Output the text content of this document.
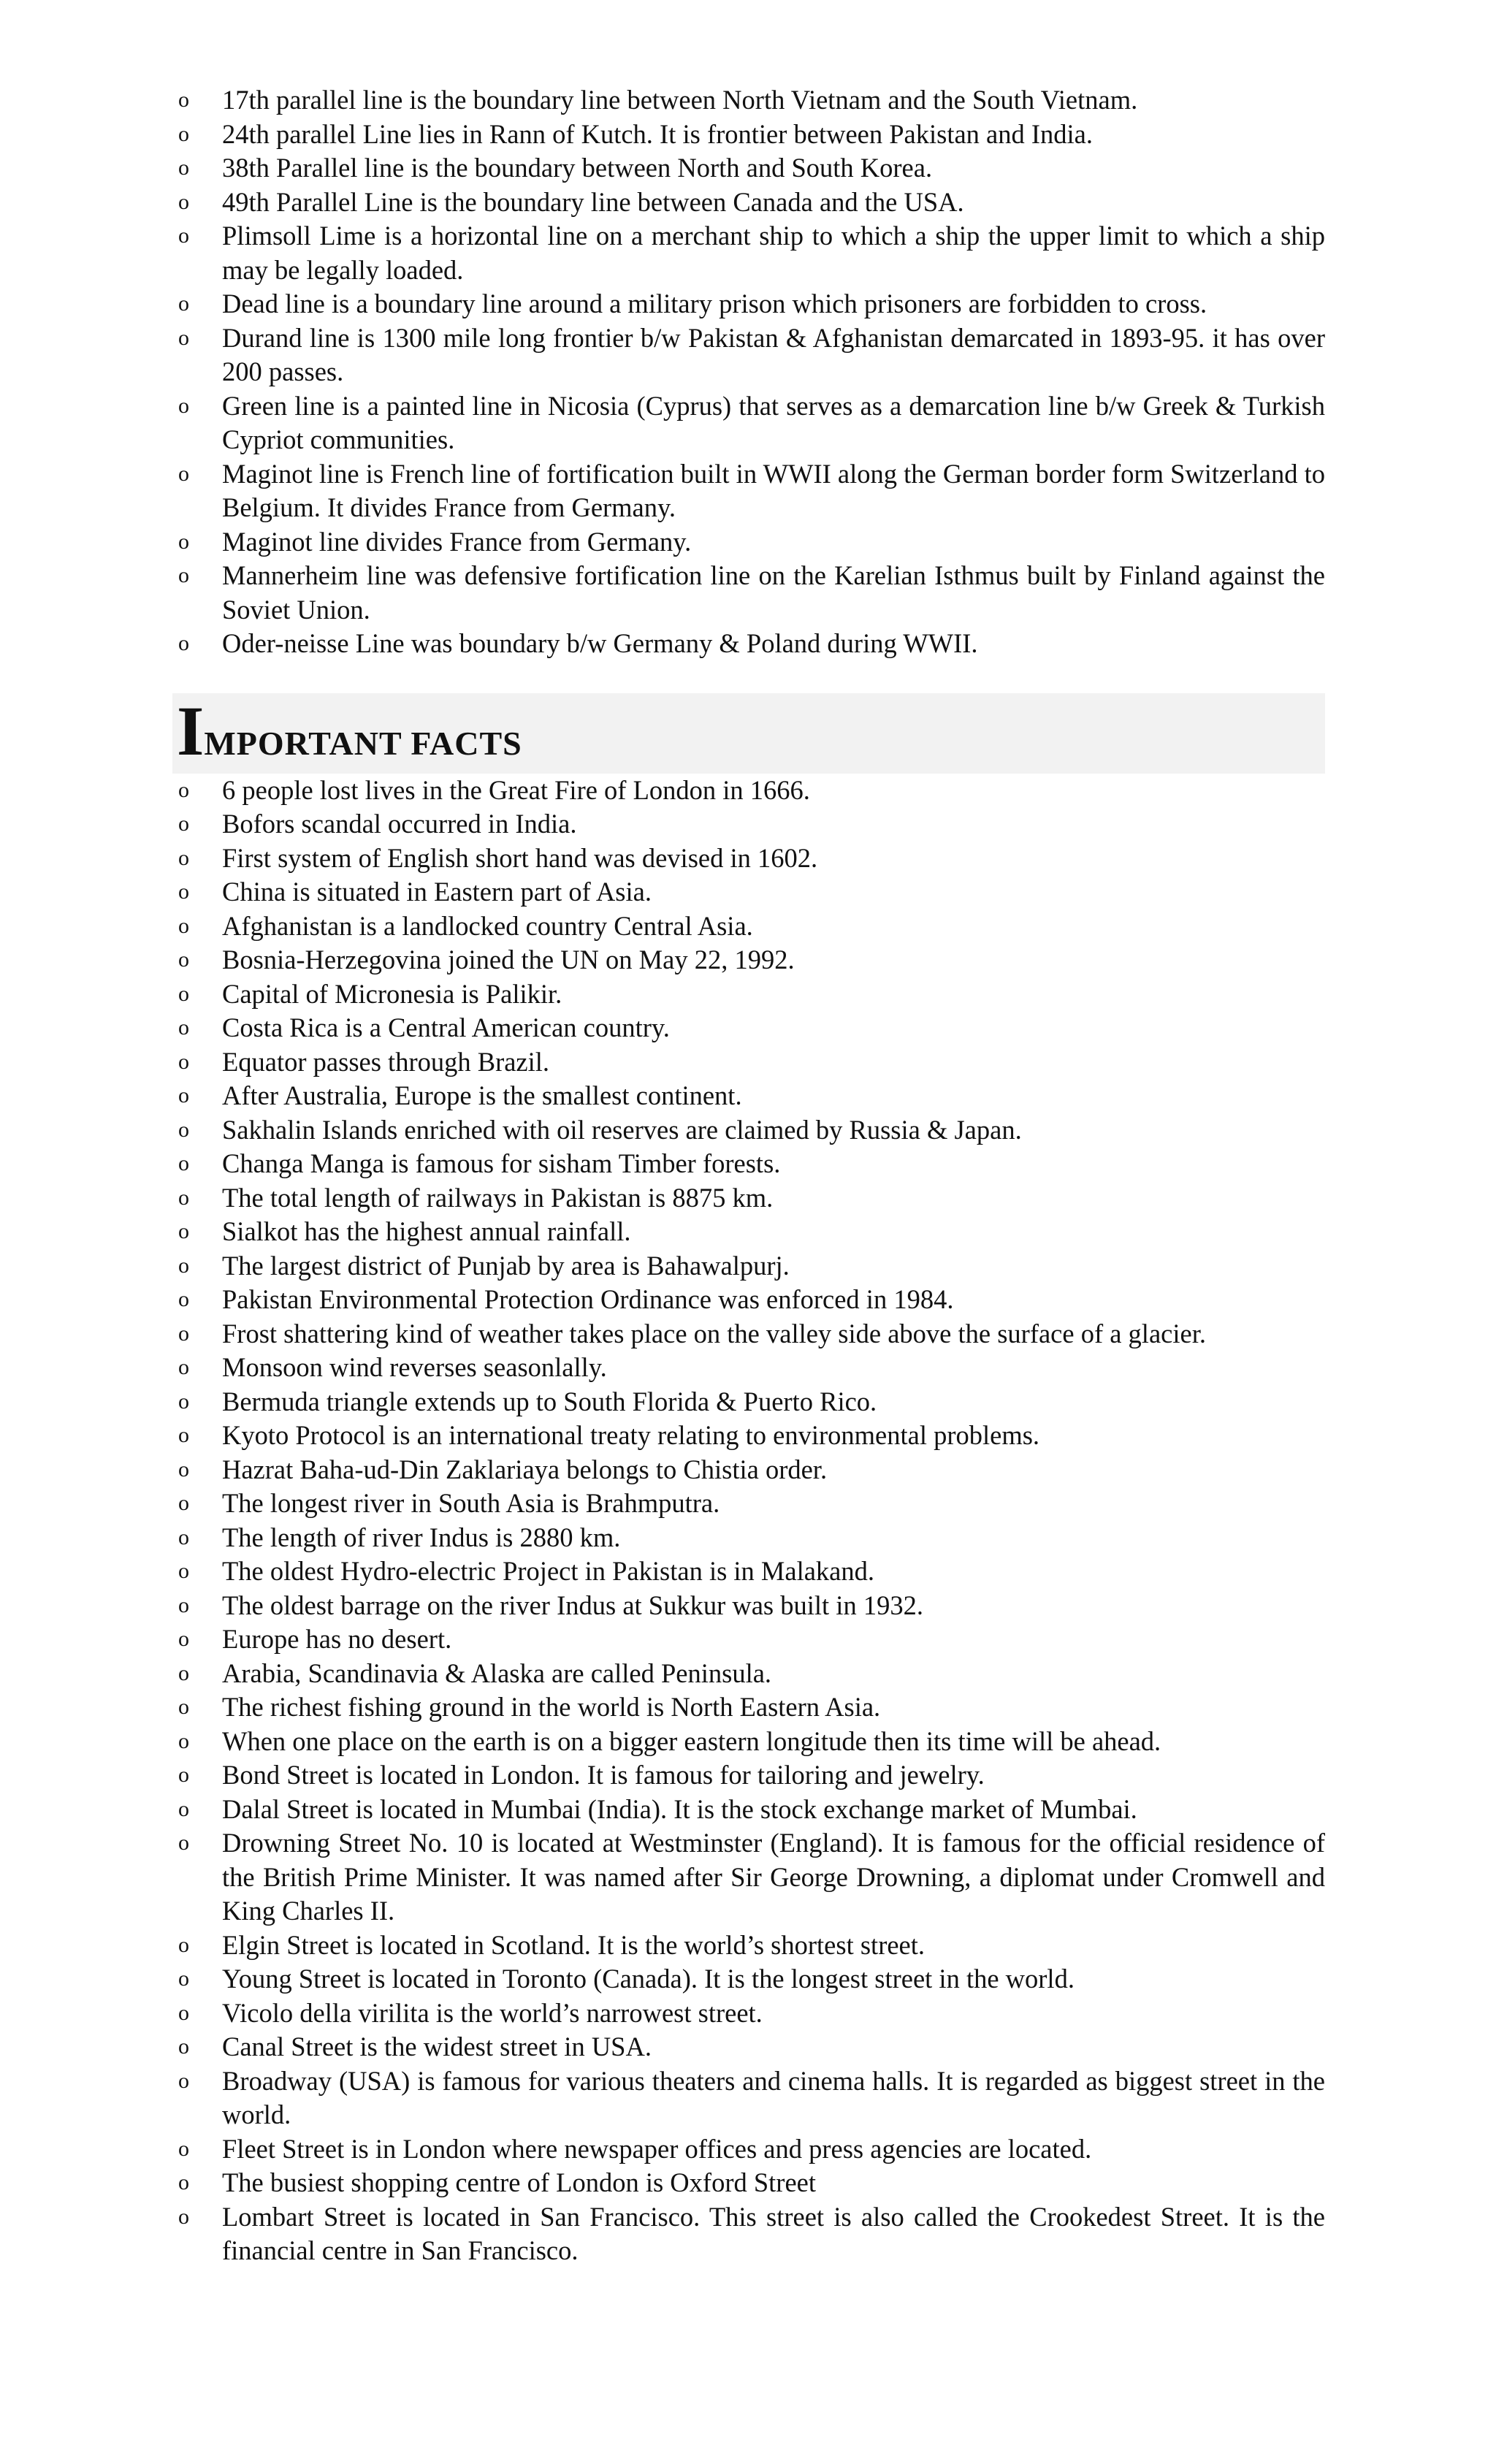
o 17th parallel line is the boundary line between North Vietnam and the South Vietnam.
o 24th parallel Line lies in Rann of Kutch. It is frontier between Pakistan and India.
o 38th Parallel line is the boundary between North and South Korea.
o 49th Parallel Line is the boundary line between Canada and the USA.
o Plimsoll Lime is a horizontal line on a merchant ship to which a ship the upper limit to which a ship may be legally loaded.
o Dead line is a boundary line around a military prison which prisoners are forbidden to cross.
o Durand line is 1300 mile long frontier b/w Pakistan & Afghanistan demarcated in 1893-95. it has over 200 passes.
o Green line is a painted line in Nicosia (Cyprus) that serves as a demarcation line b/w Greek & Turkish Cypriot communities.
o Maginot line is French line of fortification built in WWII along the German border form Switzerland to Belgium. It divides France from Germany.
o Maginot line divides France from Germany.
o Mannerheim line was defensive fortification line on the Karelian Isthmus built by Finland against the Soviet Union.
o Oder-neisse Line was boundary b/w Germany & Poland during WWII.
IMPORTANT FACTS
o 6 people lost lives in the Great Fire of London in 1666.
o Bofors scandal occurred in India.
o First system of English short hand was devised in 1602.
o China is situated in Eastern part of Asia.
o Afghanistan is a landlocked country Central Asia.
o Bosnia-Herzegovina joined the UN on May 22, 1992.
o Capital of Micronesia is Palikir.
o Costa Rica is a Central American country.
o Equator passes through Brazil.
o After Australia, Europe is the smallest continent.
o Sakhalin Islands enriched with oil reserves are claimed by Russia & Japan.
o Changa Manga is famous for sisham Timber forests.
o The total length of railways in Pakistan is 8875 km.
o Sialkot has the highest annual rainfall.
o The largest district of Punjab by area is Bahawalpurj.
o Pakistan Environmental Protection Ordinance was enforced in 1984.
o Frost shattering kind of weather takes place on the valley side above the surface of a glacier.
o Monsoon wind reverses seasonlally.
o Bermuda triangle extends up to South Florida & Puerto Rico.
o Kyoto Protocol is an international treaty relating to environmental problems.
o Hazrat Baha-ud-Din Zaklariaya belongs to Chistia order.
o The longest river in South Asia is Brahmputra.
o The length of river Indus is 2880 km.
o The oldest Hydro-electric Project in Pakistan is in Malakand.
o The oldest barrage on the river Indus at Sukkur was built in 1932.
o Europe has no desert.
o Arabia, Scandinavia & Alaska are called Peninsula.
o The richest fishing ground in the world is North Eastern Asia.
o When one place on the earth is on a bigger eastern longitude then its time will be ahead.
o Bond Street is located in London. It is famous for tailoring and jewelry.
o Dalal Street is located in Mumbai (India). It is the stock exchange market of Mumbai.
o Drowning Street No. 10 is located at Westminster (England). It is famous for the official residence of the British Prime Minister. It was named after Sir George Drowning, a diplomat under Cromwell and King Charles II.
o Elgin Street is located in Scotland. It is the world’s shortest street.
o Young Street is located in Toronto (Canada). It is the longest street in the world.
o Vicolo della virilita is the world’s narrowest street.
o Canal Street is the widest street in USA.
o Broadway (USA) is famous for various theaters and cinema halls. It is regarded as biggest street in the world.
o Fleet Street is in London where newspaper offices and press agencies are located.
o The busiest shopping centre of London is Oxford Street
o Lombart Street is located in San Francisco. This street is also called the Crookedest Street. It is the financial centre in San Francisco.
